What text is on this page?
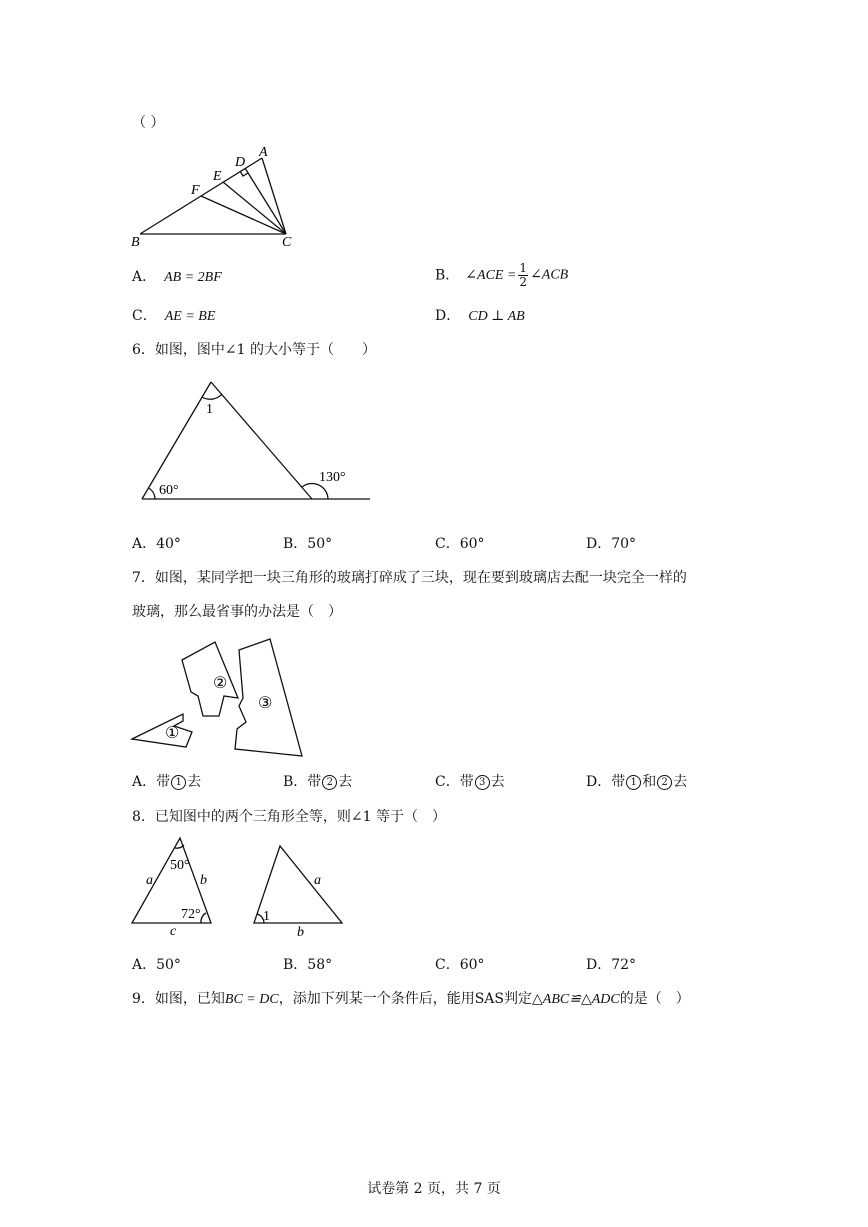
（ ）
B	C
A
D
E
F
A． AB = 2BF	B． ∠ACE = $\frac{1}{2}$ ∠ACB
C． AE = BE	D． CD ⊥ AB
6．如图，图中∠1 的大小等于（　　）
1
60°
130°
A．40°	B．50°	C．60°	D．70°
7．如图，某同学把一块三角形的玻璃打碎成了三块，现在要到玻璃店去配一块完全一样的
玻璃，那么最省事的办法是（　）
①
②
③
A．带 1 去	B．带 2 去	C．带 3 去	D．带 1 和 2 去
8．已知图中的两个三角形全等，则∠1 等于（　）
50°
72°
a	b
c
1
a
b
A．50°	B．58°	C．60°	D．72°
9．如图，已知BC = DC，添加下列某一个条件后，能用SAS判定△ABC≌△ADC的是（　）
试卷第 2 页，共 7 页
